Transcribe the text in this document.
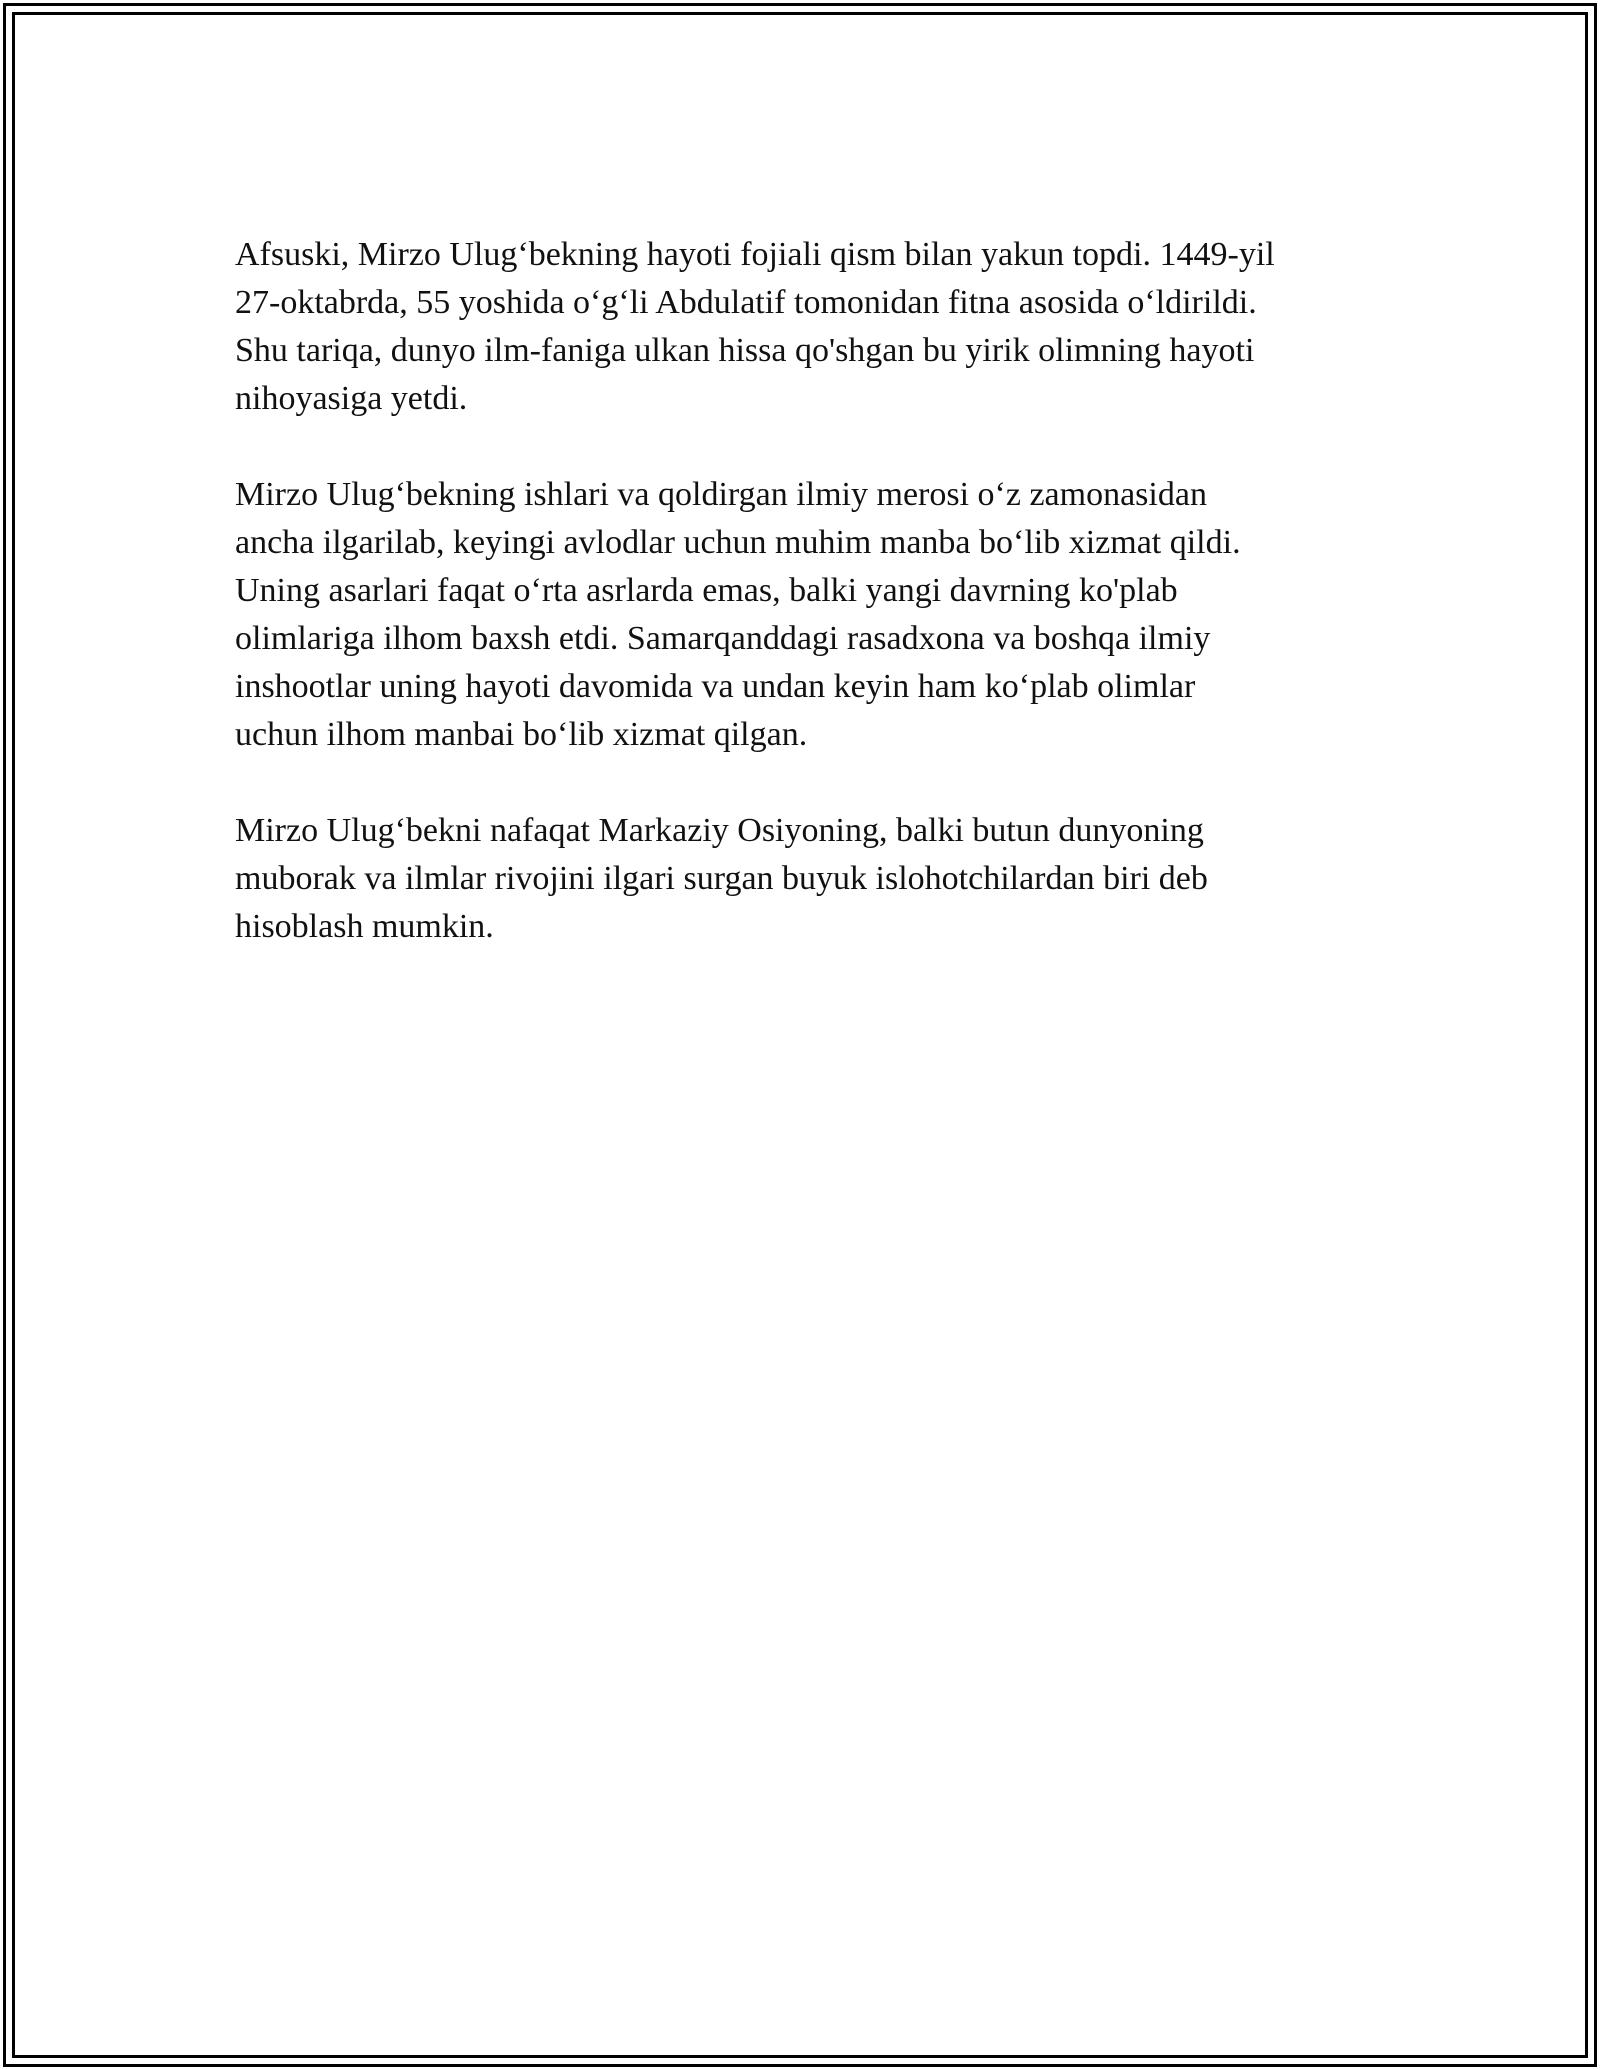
Afsuski, Mirzo Ulug‘bekning hayoti fojiali qism bilan yakun topdi. 1449-yil
27-oktabrda, 55 yoshida o‘g‘li Abdulatif tomonidan fitna asosida o‘ldirildi.
Shu tariqa, dunyo ilm-faniga ulkan hissa qo'shgan bu yirik olimning hayoti
nihoyasiga yetdi.

Mirzo Ulug‘bekning ishlari va qoldirgan ilmiy merosi o‘z zamonasidan
ancha ilgarilab, keyingi avlodlar uchun muhim manba bo‘lib xizmat qildi.
Uning asarlari faqat o‘rta asrlarda emas, balki yangi davrning ko'plab
olimlariga ilhom baxsh etdi. Samarqanddagi rasadxona va boshqa ilmiy
inshootlar uning hayoti davomida va undan keyin ham ko‘plab olimlar
uchun ilhom manbai bo‘lib xizmat qilgan.

Mirzo Ulug‘bekni nafaqat Markaziy Osiyoning, balki butun dunyoning
muborak va ilmlar rivojini ilgari surgan buyuk islohotchilardan biri deb
hisoblash mumkin.
